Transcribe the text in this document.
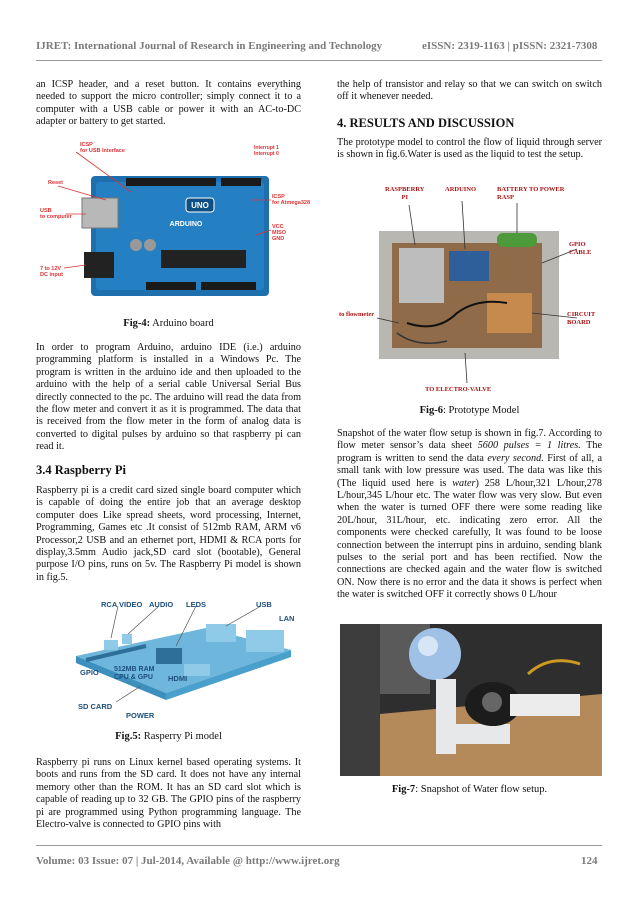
IJRET: International Journal of Research in Engineering and Technology	eISSN: 2319-1163 | pISSN: 2321-7308

an ICSP header, and a reset button. It contains everything needed to support the micro controller; simply connect it to a computer with a USB cable or power it with an AC-to-DC adapter or battery to get started.

UNO
ARDUINO
ICSP
for USB Interface
Reset
USB
to computer
7 to 12V
DC input
ICSP
for Atmega328
VCC
MISO
GND
Interrupt 1
Interrupt 0
Fig-4: Arduino board

In order to program Arduino, arduino IDE (i.e.) arduino programming platform is installed in a Windows Pc. The program is written in the arduino ide and then uploaded to the arduino with the help of a serial cable Universal Serial Bus directly connected to the pc. The arduino will read the data from the flow meter and convert it as it is programmed. The data that is received from the flow meter in the form of analog data is converted to digital pulses by arduino so that raspberry pi can read it.

3.4 Raspberry Pi

Raspberry pi is a credit card sized single board computer which is capable of doing the entire job that an average desktop computer does Like spread sheets, word processing, Internet, Programming, Games etc .It consist of 512mb RAM, ARM v6 Processor,2 USB and an ethernet port, HDMI & RCA ports for display,3.5mm Audio jack,SD card slot (bootable), General purpose I/O pins, runs on 5v. The Raspberry Pi model is shown in fig.5.

RCA VIDEO AUDIO LEDS	USB
LAN
GPIO 512MB RAM
CPU & GPU HDMI
SD CARD
POWER
Fig.5: Rasperry Pi model

Raspberry pi runs on Linux kernel based operating systems. It boots and runs from the SD card. It does not have any internal memory other than the ROM. It has an SD card slot which is capable of reading up to 32 GB. The GPIO pins of the raspberry pi are programmed using Python programming language. The Electro-valve is connected to GPIO pins with

the help of transistor and relay so that we can switch on switch off it whenever needed.

4. RESULTS AND DISCUSSION

The prototype model to control the flow of liquid through server is shown in fig.6.Water is used as the liquid to test the setup.

RASPBERRY
PI
ARDUINO	BATTERY TO POWER
RASP
GPIO
CABLE
CIRCUIT
BOARD
to flowmeter
TO ELECTRO-VALVE
Fig-6: Prototype Model

Snapshot of the water flow setup is shown in fig.7. According to flow meter sensor’s data sheet 5600 pulses = 1 litres. The program is written to send the data every second. First of all, a small tank with low pressure was used. The data was like this (The liquid used here is water) 258 L/hour,321 L/hour,278 L/hour,345 L/hour etc. The water flow was very slow. But even when the water is turned OFF there were some reading like 20L/hour, 31L/hour, etc. indicating zero error. All the components were checked carefully, It was found to be loose connection between the interrupt pins in arduino, sending blank pulses to the serial port and has been rectified. Now the connections are checked again and the water flow is switched ON. Now there is no error and the data it shows is perfect when the water is switched OFF it correctly shows 0 L/hour

Fig-7: Snapshot of Water flow setup.
Volume: 03 Issue: 07 | Jul-2014, Available @ http://www.ijret.org	124
